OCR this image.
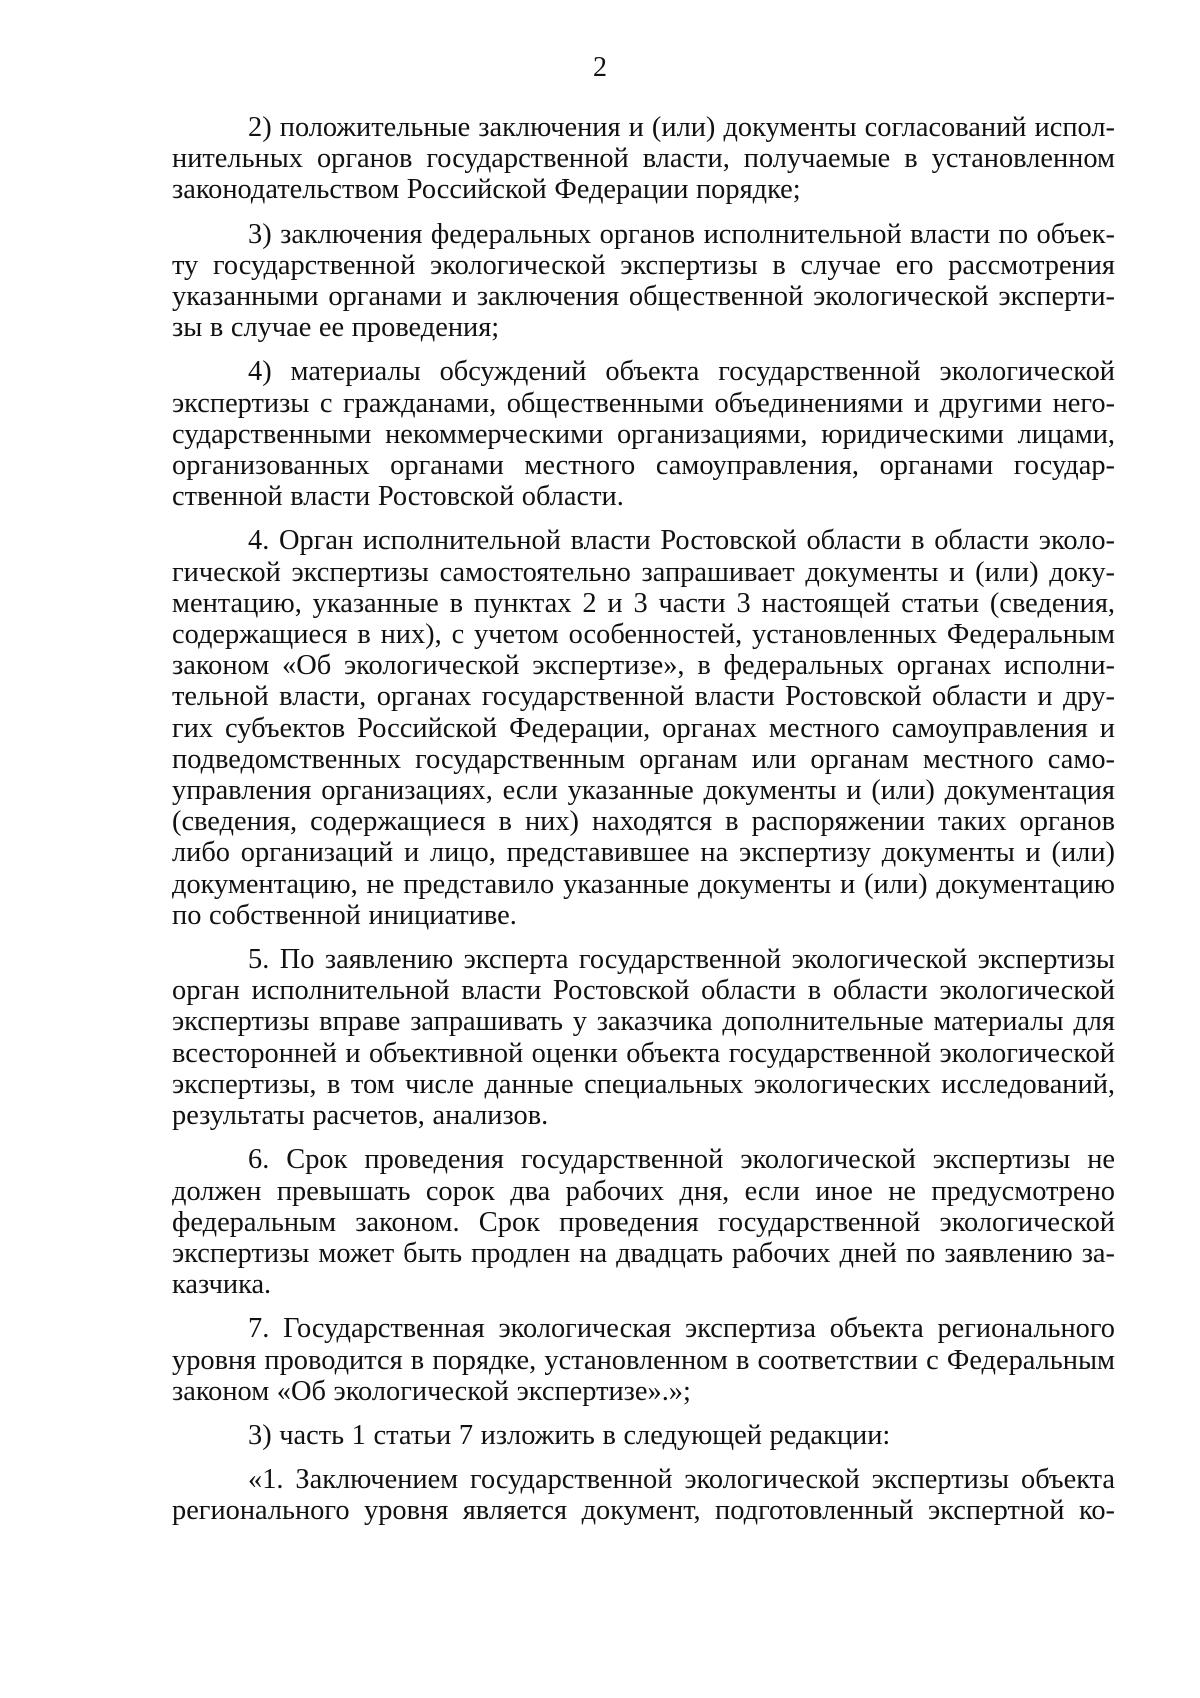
2

2) положительные заключения и (или) документы согласований исполнительных органов государственной власти, получаемые в установленном законодательством Российской Федерации порядке;

3) заключения федеральных органов исполнительной власти по объекту государственной экологической экспертизы в случае его рассмотрения указанными органами и заключения общественной экологической экспертизы в случае ее проведения;

4) материалы обсуждений объекта государственной экологической экспертизы с гражданами, общественными объединениями и другими негосударственными некоммерческими организациями, юридическими лицами, организованных органами местного самоуправления, органами государственной власти Ростовской области.

4. Орган исполнительной власти Ростовской области в области экологической экспертизы самостоятельно запрашивает документы и (или) документацию, указанные в пунктах 2 и 3 части 3 настоящей статьи (сведения, содержащиеся в них), с учетом особенностей, установленных Федеральным законом «Об экологической экспертизе», в федеральных органах исполнительной власти, органах государственной власти Ростовской области и других субъектов Российской Федерации, органах местного самоуправления и подведомственных государственным органам или органам местного самоуправления организациях, если указанные документы и (или) документация (сведения, содержащиеся в них) находятся в распоряжении таких органов либо организаций и лицо, представившее на экспертизу документы и (или) документацию, не представило указанные документы и (или) документацию по собственной инициативе.

5. По заявлению эксперта государственной экологической экспертизы орган исполнительной власти Ростовской области в области экологической экспертизы вправе запрашивать у заказчика дополнительные материалы для всесторонней и объективной оценки объекта государственной экологической экспертизы, в том числе данные специальных экологических исследований, результаты расчетов, анализов.

6. Срок проведения государственной экологической экспертизы не должен превышать сорок два рабочих дня, если иное не предусмотрено федеральным законом. Срок проведения государственной экологической экспертизы может быть продлен на двадцать рабочих дней по заявлению заказчика.

7. Государственная экологическая экспертиза объекта регионального уровня проводится в порядке, установленном в соответствии с Федеральным законом «Об экологической экспертизе».»;

3) часть 1 статьи 7 изложить в следующей редакции:

«1. Заключением государственной экологической экспертизы объекта регионального уровня является документ, подготовленный экспертной ко-
